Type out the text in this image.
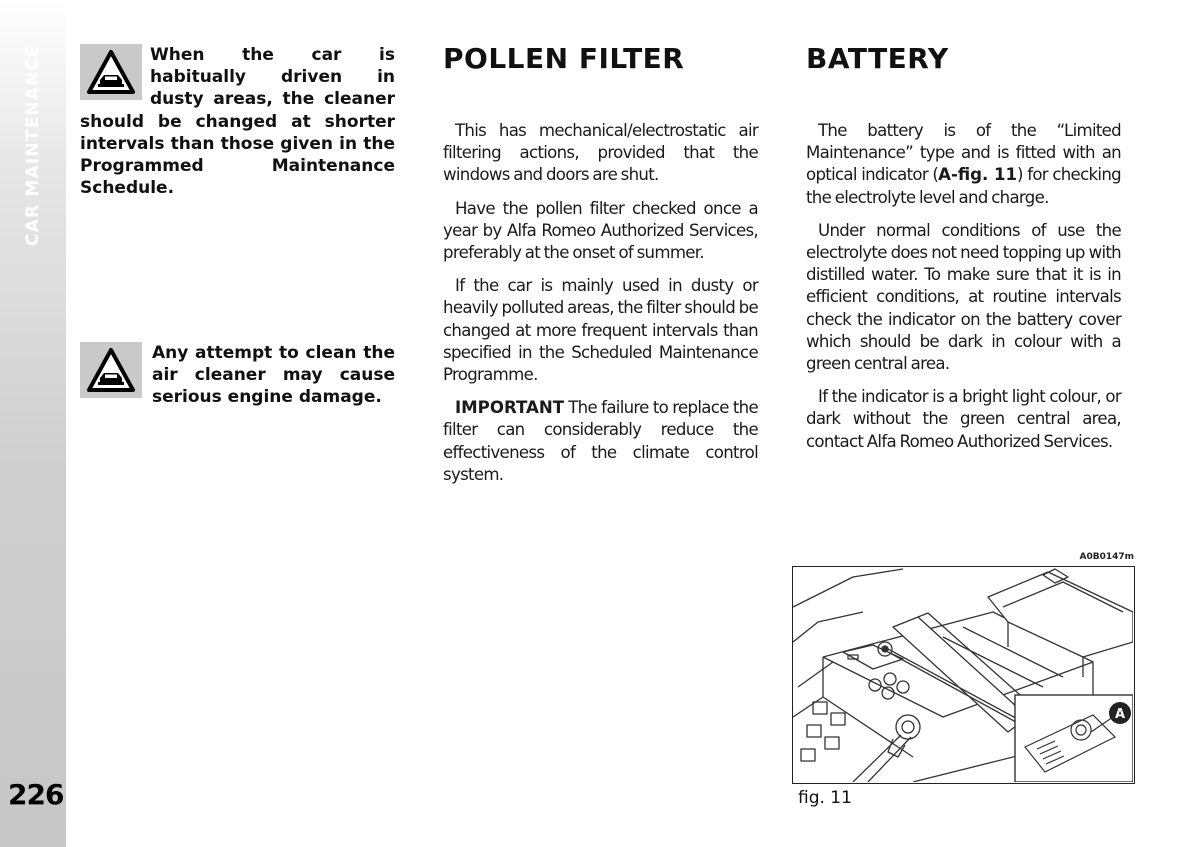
CAR MAINTENANCE
226

When the car is habitually driven in dusty areas, the cleaner should be changed at shorter intervals than those given in the Programmed Maintenance Schedule.

Any attempt to clean the air cleaner may cause serious engine damage.

POLLEN FILTER

This has mechanical/electrostatic air filtering actions, provided that the windows and doors are shut.

Have the pollen filter checked once a year by Alfa Romeo Authorized Services, preferably at the onset of summer.

If the car is mainly used in dusty or heavily polluted areas, the filter should be changed at more frequent intervals than specified in the Scheduled Maintenance Programme.

IMPORTANT The failure to replace the filter can considerably reduce the effectiveness of the climate control system.

BATTERY

The battery is of the “Limited Maintenance” type and is fitted with an optical indicator (A-fig. 11) for checking the electrolyte level and charge.

Under normal conditions of use the electrolyte does not need topping up with distilled water. To make sure that it is in efficient conditions, at routine intervals check the indicator on the battery cover which should be dark in colour with a green central area.

If the indicator is a bright light colour, or dark without the green central area, contact Alfa Romeo Authorized Services.

A0B0147m
A
fig. 11
